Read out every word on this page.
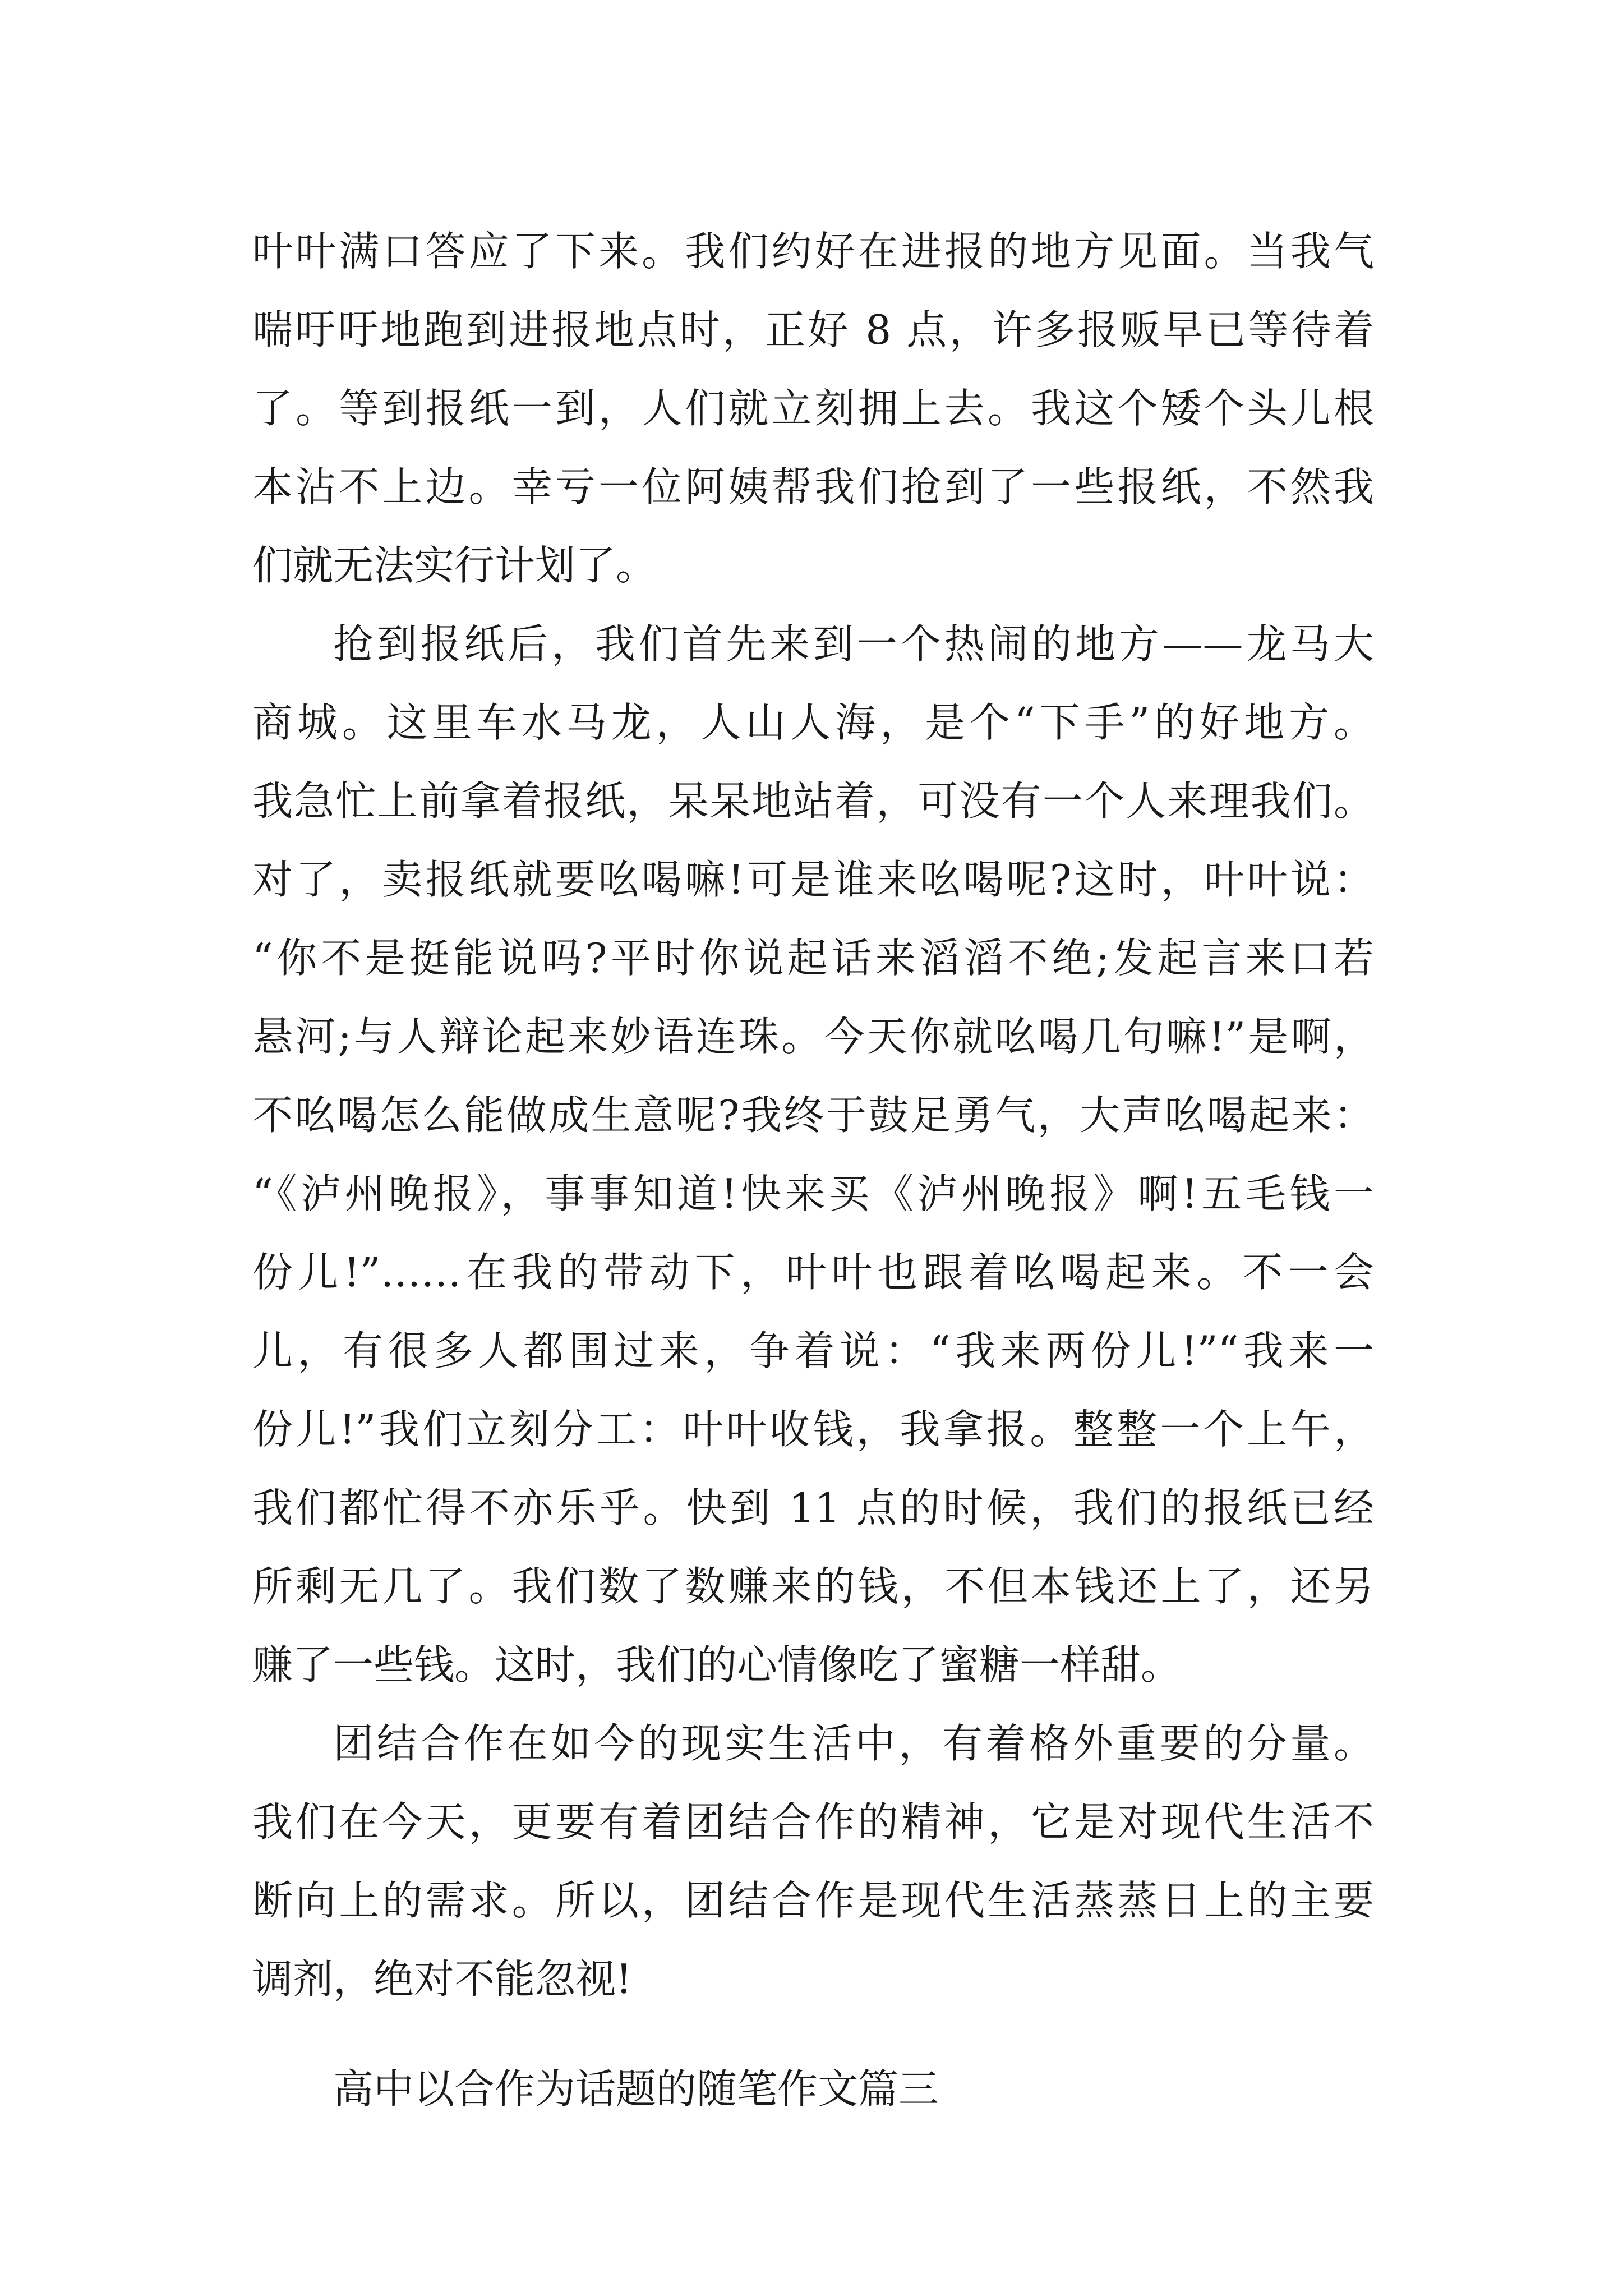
叶叶满口答应了下来。我们约好在进报的地方见面。当我气
喘吁吁地跑到进报地点时，正好 8 点，许多报贩早已等待着
了。等到报纸一到，人们就立刻拥上去。我这个矮个头儿根
本沾不上边。幸亏一位阿姨帮我们抢到了一些报纸，不然我
们就无法实行计划了。
抢到报纸后，我们首先来到一个热闹的地方——龙马大
商城。这里车水马龙，人山人海，是个“下手”的好地方。
我急忙上前拿着报纸，呆呆地站着，可没有一个人来理我们。
对了，卖报纸就要吆喝嘛!可是谁来吆喝呢?这时，叶叶说：
“你不是挺能说吗?平时你说起话来滔滔不绝;发起言来口若
悬河;与人辩论起来妙语连珠。今天你就吆喝几句嘛!”是啊，
不吆喝怎么能做成生意呢?我终于鼓足勇气，大声吆喝起来：
“《泸州晚报》，事事知道!快来买《泸州晚报》啊!五毛钱一
份儿!”……在我的带动下，叶叶也跟着吆喝起来。不一会
儿，有很多人都围过来，争着说：“我来两份儿!”“我来一
份儿!”我们立刻分工：叶叶收钱，我拿报。整整一个上午，
我们都忙得不亦乐乎。快到 11 点的时候，我们的报纸已经
所剩无几了。我们数了数赚来的钱，不但本钱还上了，还另
赚了一些钱。这时，我们的心情像吃了蜜糖一样甜。
团结合作在如今的现实生活中，有着格外重要的分量。
我们在今天，更要有着团结合作的精神，它是对现代生活不
断向上的需求。所以，团结合作是现代生活蒸蒸日上的主要
调剂，绝对不能忽视!
高中以合作为话题的随笔作文篇三
